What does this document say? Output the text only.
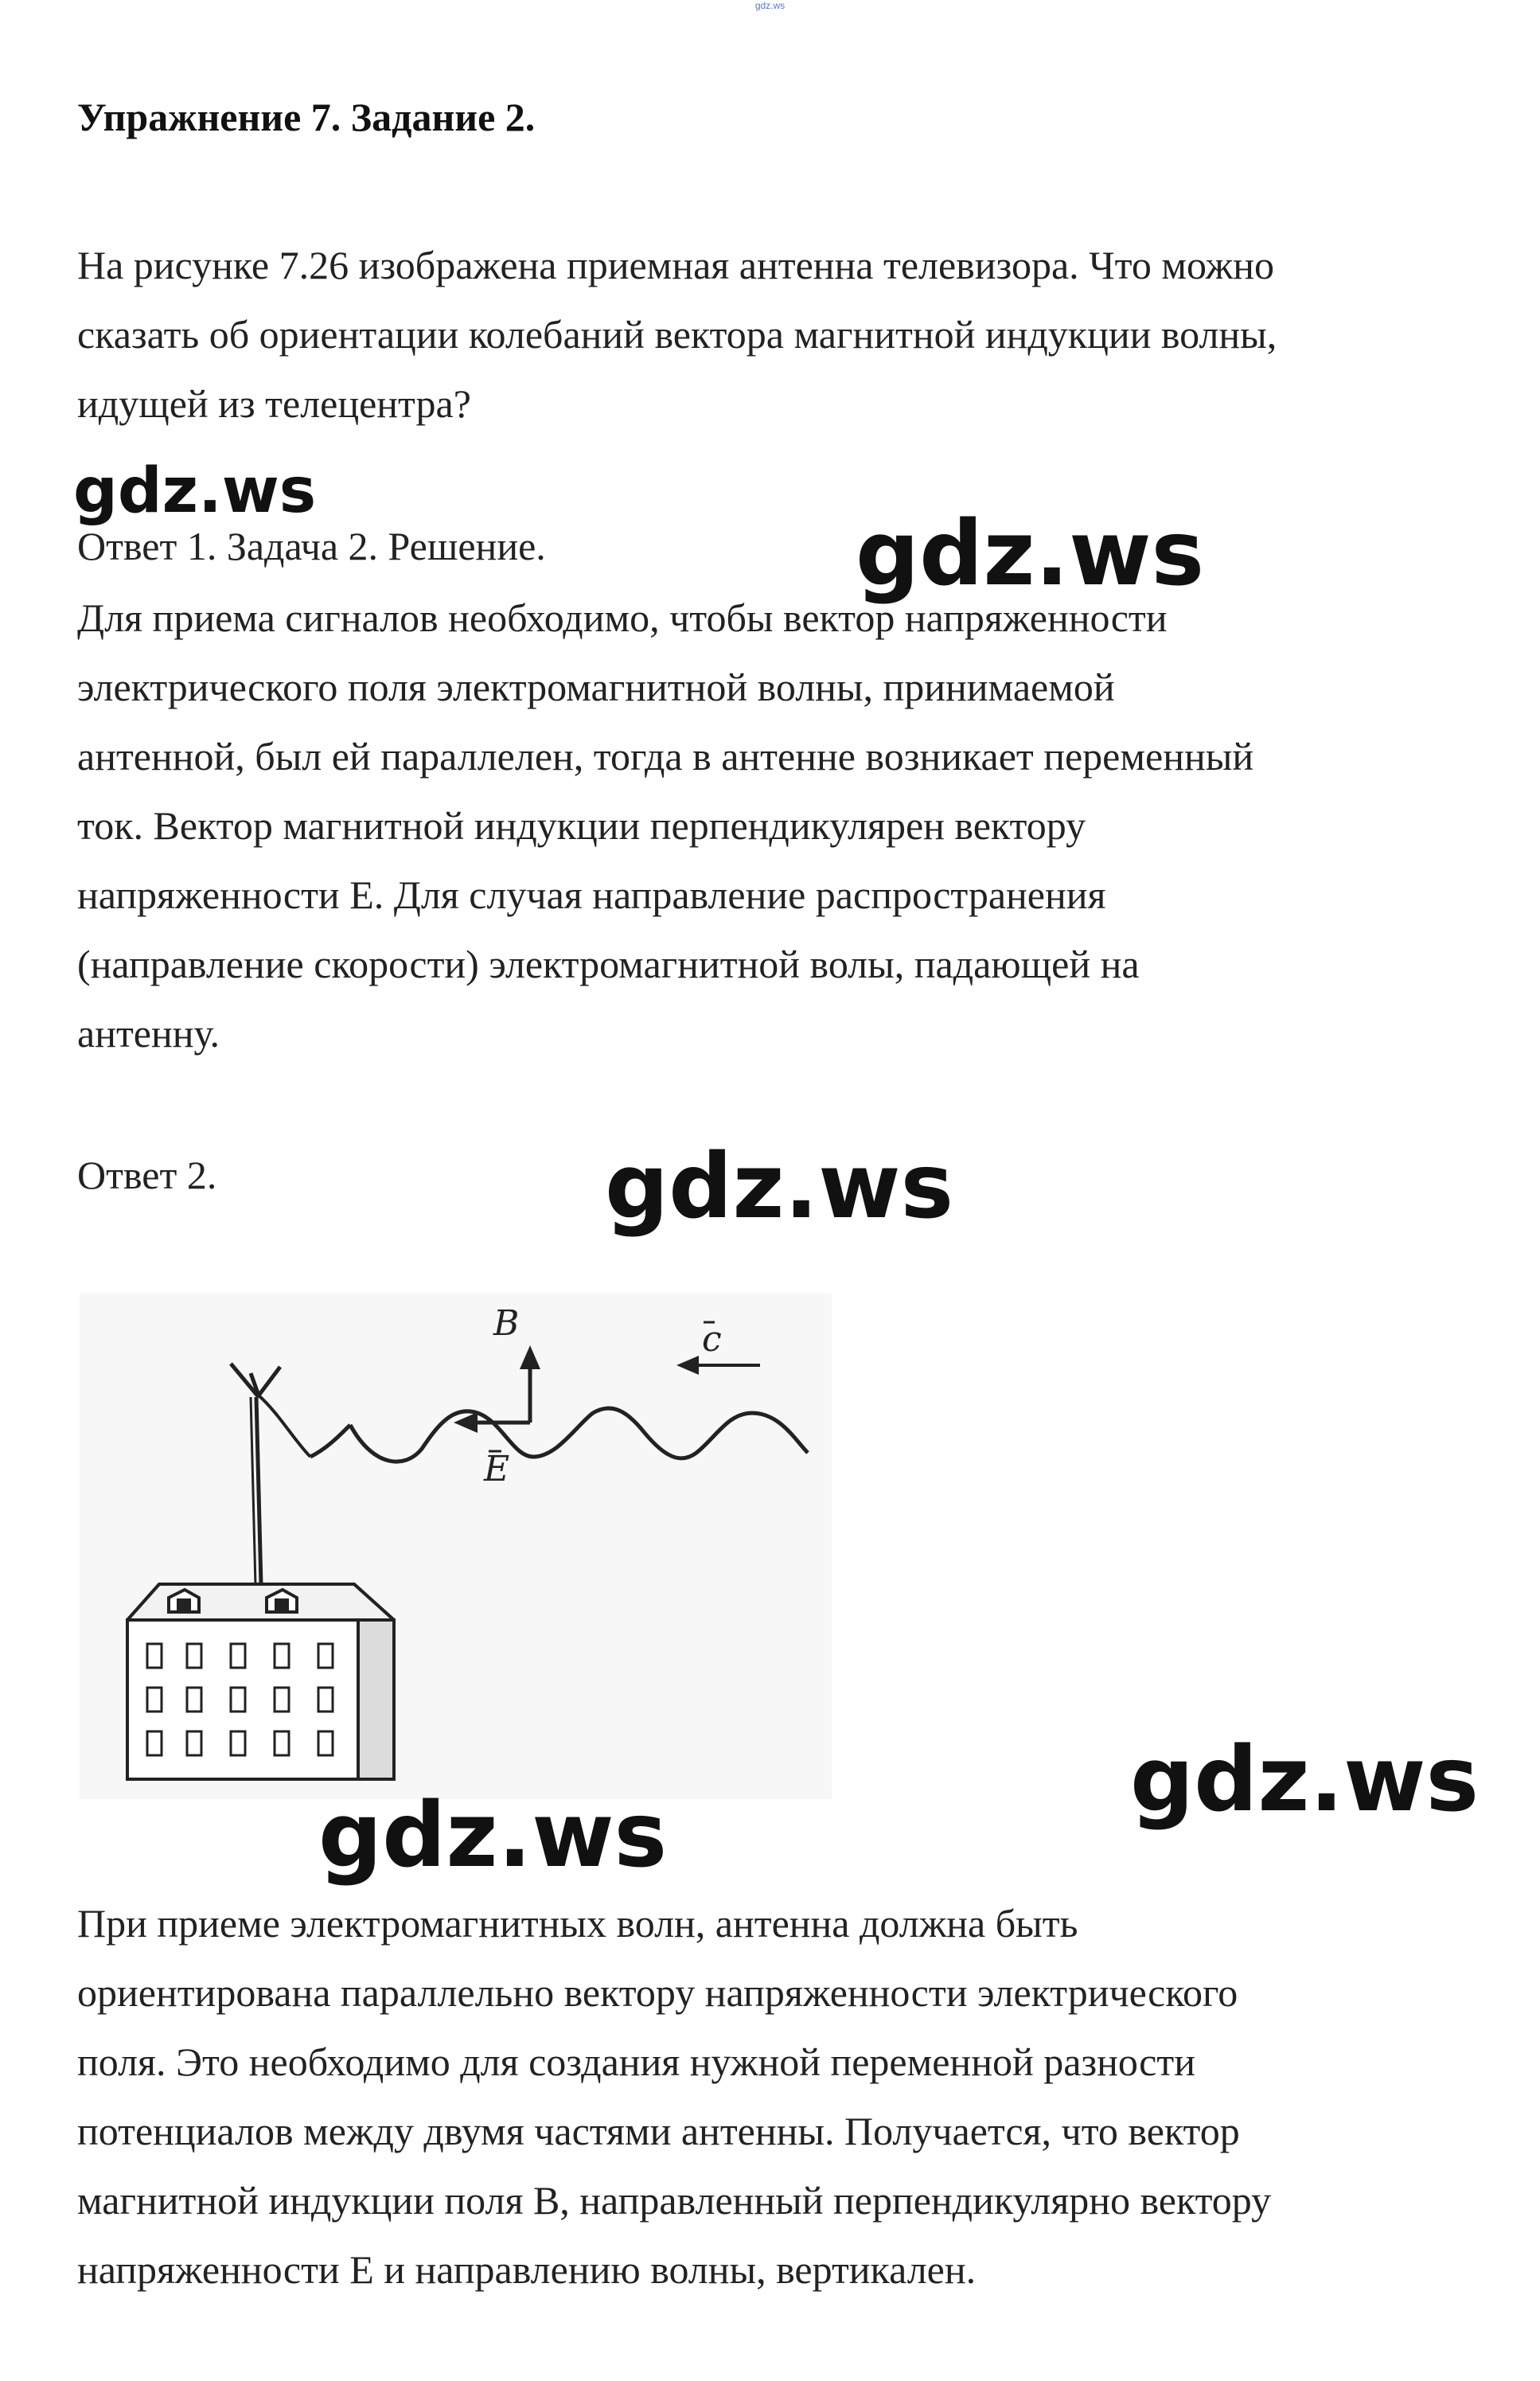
gdz.ws
Упражнение 7. Задание 2.
На рисунке 7.26 изображена приемная антенна телевизора. Что можно
сказать об ориентации колебаний вектора магнитной индукции волны,
идущей из телецентра?
Ответ 1. Задача 2. Решение.
Для приема сигналов необходимо, чтобы вектор напряженности
электрического поля электромагнитной волны, принимаемой
антенной, был ей параллелен, тогда в антенне возникает переменный
ток. Вектор магнитной индукции перпендикулярен вектору
напряженности Е. Для случая направление распространения
(направление скорости) электромагнитной волы, падающей на
антенну.
Ответ 2.
B
E
c
При приеме электромагнитных волн, антенна должна быть
ориентирована параллельно вектору напряженности электрического
поля. Это необходимо для создания нужной переменной разности
потенциалов между двумя частями антенны. Получается, что вектор
магнитной индукции поля В, направленный перпендикулярно вектору
напряженности Е и направлению волны, вертикален.
gdz.ws
gdz.ws
gdz.ws
gdz.ws
gdz.ws
